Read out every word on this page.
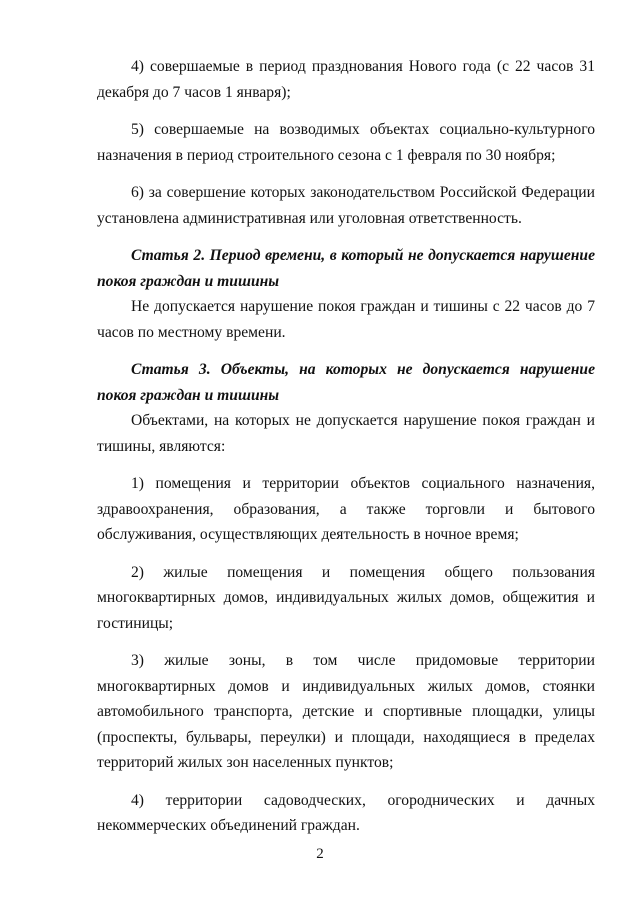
4) совершаемые в период празднования Нового года (с 22 часов 31 декабря до 7 часов 1 января);

5) совершаемые на возводимых объектах социально-культурного назначения в период строительного сезона с 1 февраля по 30 ноября;

6) за совершение которых законодательством Российской Федерации установлена административная или уголовная ответственность.

Статья 2. Период времени, в который не допускается нарушение покоя граждан и тишины

Не допускается нарушение покоя граждан и тишины с 22 часов до 7 часов по местному времени.

Статья 3. Объекты, на которых не допускается нарушение покоя граждан и тишины

Объектами, на которых не допускается нарушение покоя граждан и тишины, являются:

1) помещения и территории объектов социального назначения, здравоохранения, образования, а также торговли и бытового обслуживания, осуществляющих деятельность в ночное время;

2) жилые помещения и помещения общего пользования многоквартирных домов, индивидуальных жилых домов, общежития и гостиницы;

3) жилые зоны, в том числе придомовые территории многоквартирных домов и индивидуальных жилых домов, стоянки автомобильного транспорта, детские и спортивные площадки, улицы (проспекты, бульвары, переулки) и площади, находящиеся в пределах территорий жилых зон населенных пунктов;

4) территории садоводческих, огороднических и дачных некоммерческих объединений граждан.

2
